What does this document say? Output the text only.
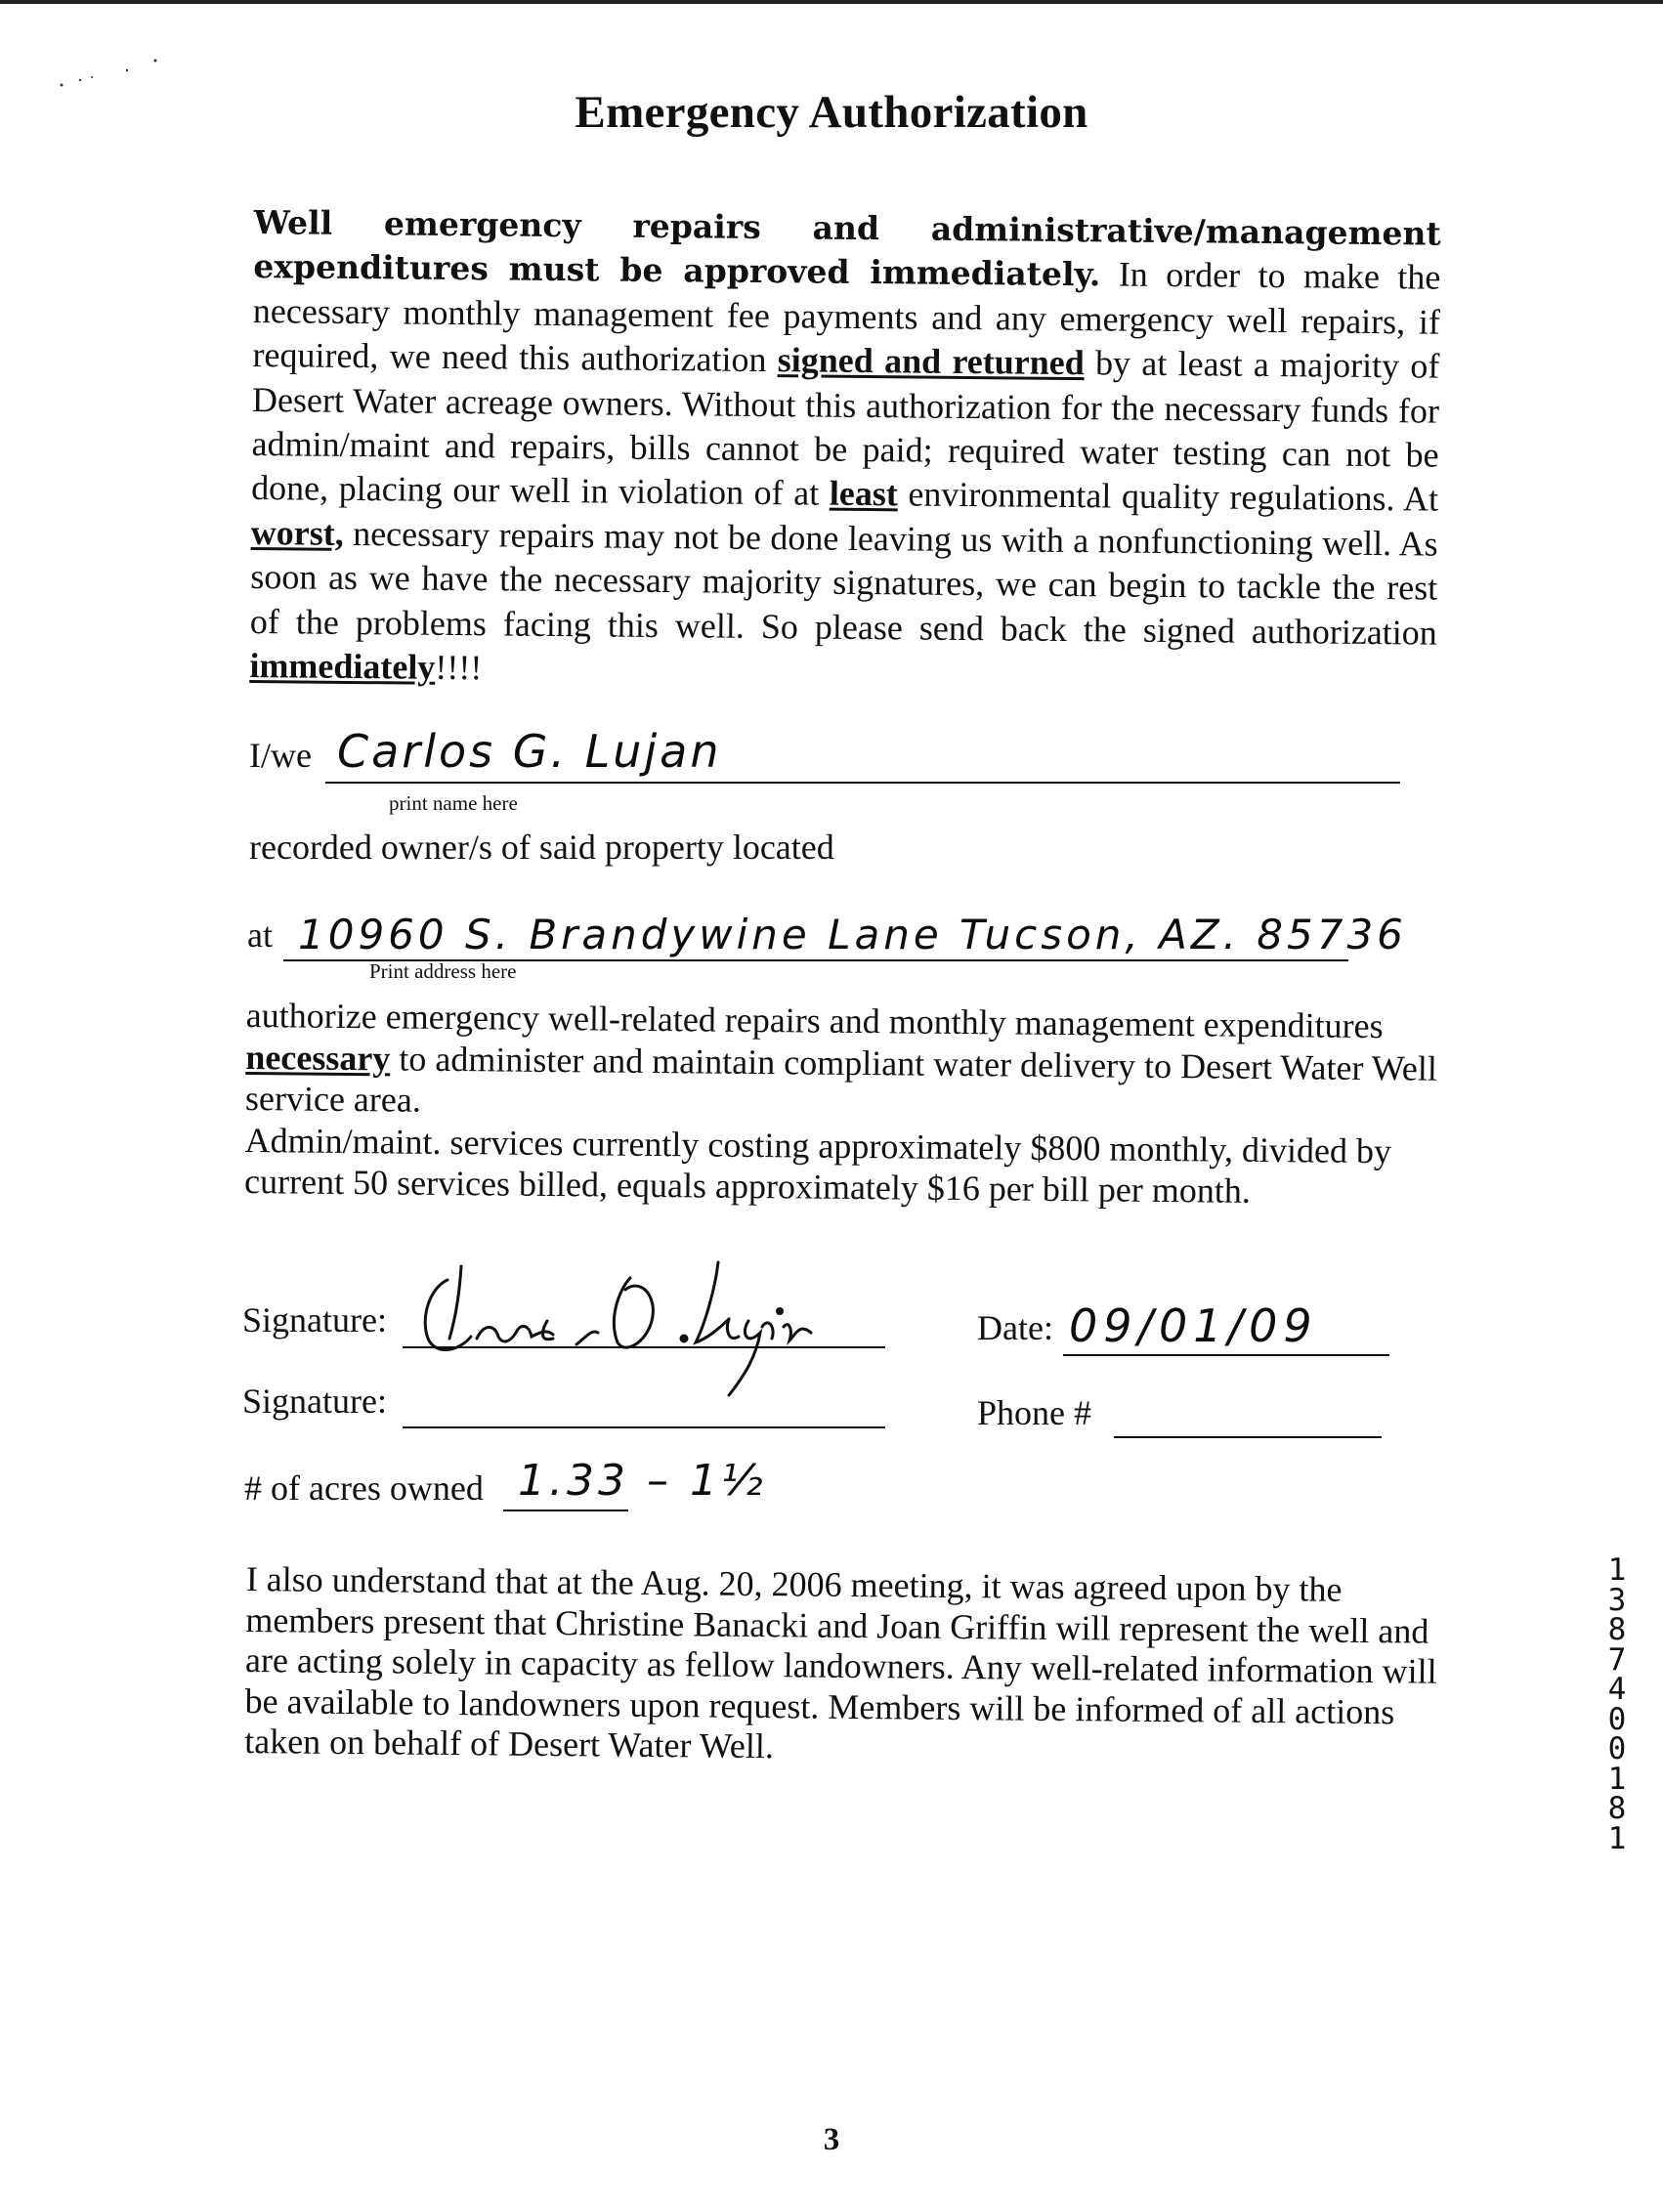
Emergency Authorization
Well emergency repairs and administrative/management expenditures must be approved immediately. In order to make the necessary monthly management fee payments and any emergency well repairs, if required, we need this authorization signed and returned by at least a majority of Desert Water acreage owners. Without this authorization for the necessary funds for admin/maint and repairs, bills cannot be paid; required water testing can not be done, placing our well in violation of at least environmental quality regulations. At worst, necessary repairs may not be done leaving us with a nonfunctioning well. As soon as we have the necessary majority signatures, we can begin to tackle the rest of the problems facing this well. So please send back the signed authorization immediately!!!!
I/we Carlos G. Lujan
print name here
recorded owner/s of said property located
at 10960 S. Brandywine Lane Tucson, AZ. 85736
Print address here

authorize emergency well-related repairs and monthly management expenditures necessary to administer and maintain compliant water delivery to Desert Water Well service area.

Admin/maint. services currently costing approximately $800 monthly, divided by current 50 services billed, equals approximately $16 per bill per month.

Signature:	Date: 09/01/09
Signature:	Phone #
# of acres owned 1.33 – 1½
I also understand that at the Aug. 20, 2006 meeting, it was agreed upon by the members present that Christine Banacki and Joan Griffin will represent the well and are acting solely in capacity as fellow landowners. Any well-related information will be available to landowners upon request. Members will be informed of all actions taken on behalf of Desert Water Well.
13874 00181
3
